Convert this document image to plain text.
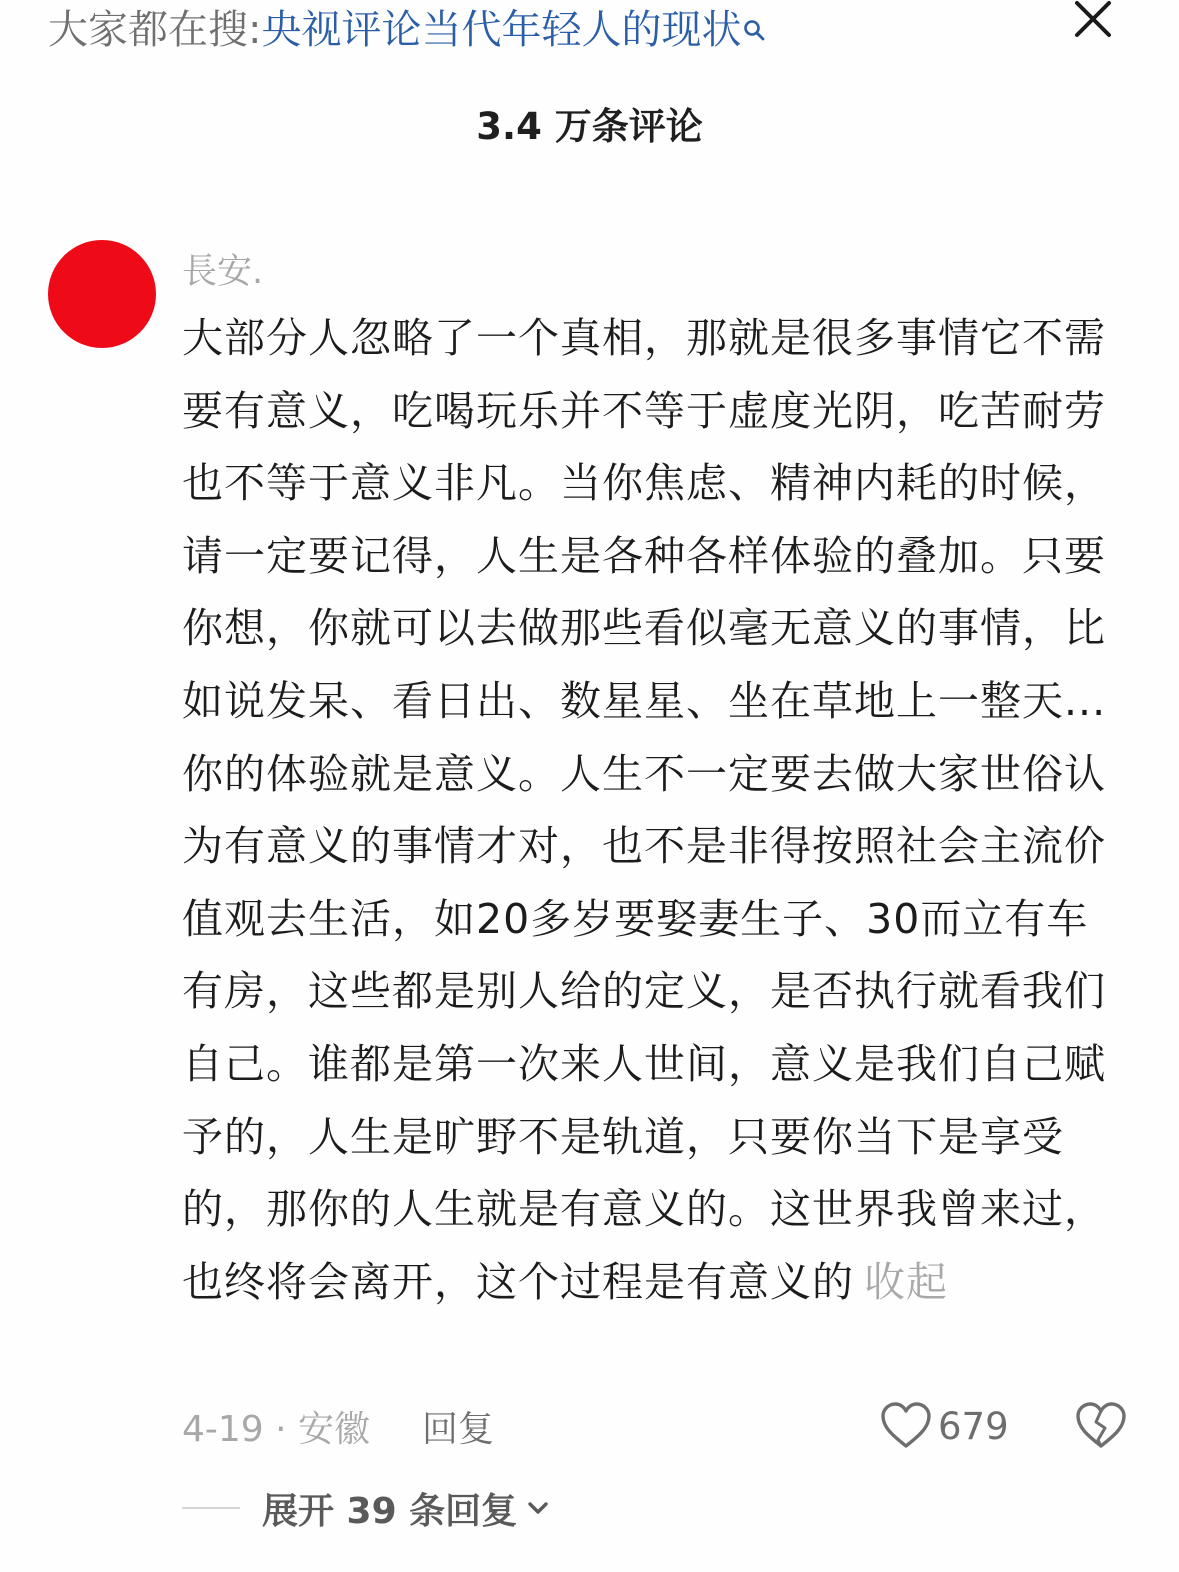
大家都在搜: 央视评论当代年轻人的现状
3.4 万条评论
長安.
大部分人忽略了一个真相，那就是很多事情它不需要有意义，吃喝玩乐并不等于虚度光阴，吃苦耐劳也不等于意义非凡。当你焦虑、精神内耗的时候，请一定要记得，人生是各种各样体验的叠加。只要你想，你就可以去做那些看似毫无意义的事情，比如说发呆、看日出、数星星、坐在草地上一整天...你的体验就是意义。人生不一定要去做大家世俗认为有意义的事情才对，也不是非得按照社会主流价值观去生活，如20多岁要娶妻生子、30而立有车有房，这些都是别人给的定义，是否执行就看我们自己。谁都是第一次来人世间，意义是我们自己赋予的，人生是旷野不是轨道，只要你当下是享受的，那你的人生就是有意义的。这世界我曾来过，也终将会离开，这个过程是有意义的 收起
4-19 · 安徽 回复	679
展开 39 条回复
